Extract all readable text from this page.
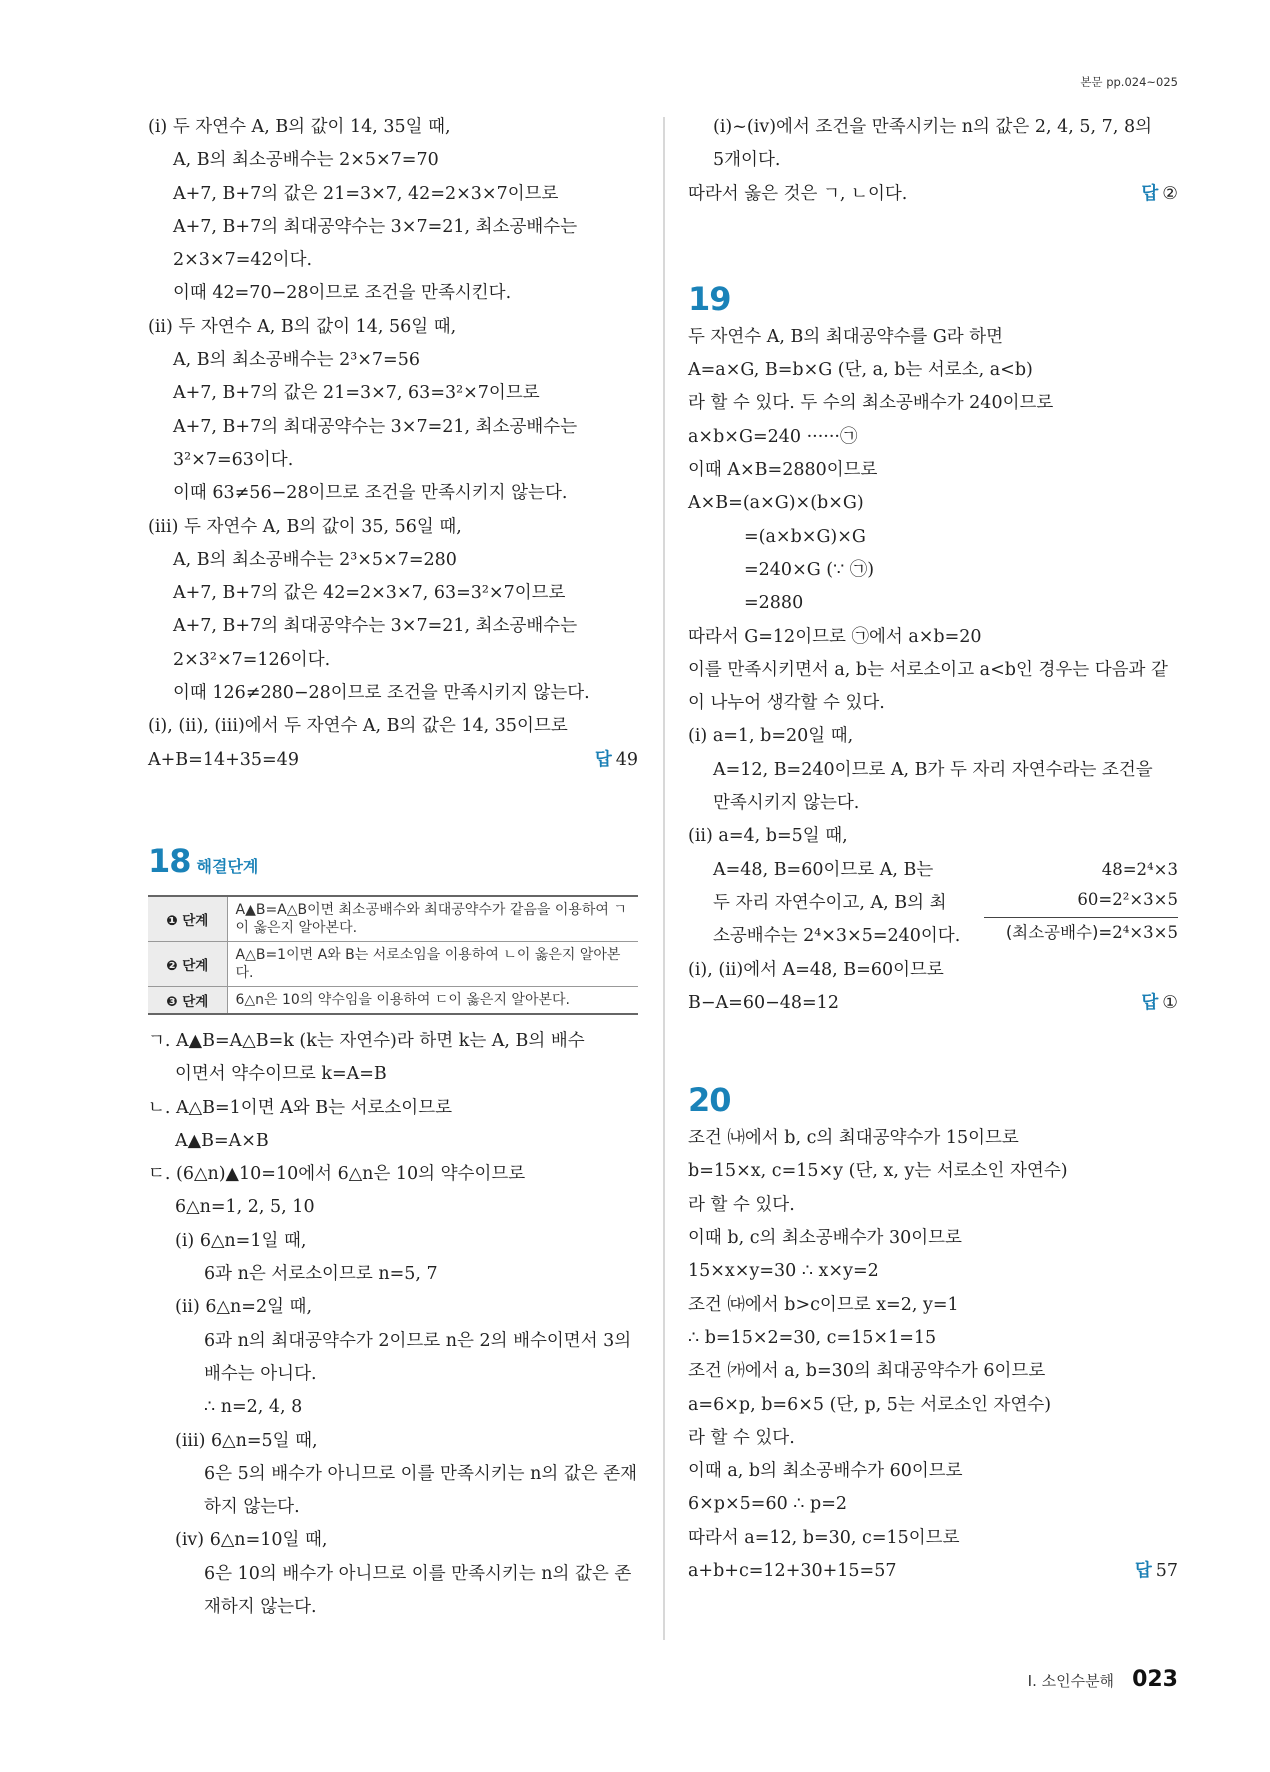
본문 pp.024~025
(i) 두 자연수 A, B의 값이 14, 35일 때,
A, B의 최소공배수는 2×5×7=70
A+7, B+7의 값은 21=3×7, 42=2×3×7이므로
A+7, B+7의 최대공약수는 3×7=21, 최소공배수는
2×3×7=42이다.
이때 42=70−28이므로 조건을 만족시킨다.
(ii) 두 자연수 A, B의 값이 14, 56일 때,
A, B의 최소공배수는 2³×7=56
A+7, B+7의 값은 21=3×7, 63=3²×7이므로
A+7, B+7의 최대공약수는 3×7=21, 최소공배수는
3²×7=63이다.
이때 63≠56−28이므로 조건을 만족시키지 않는다.
(iii) 두 자연수 A, B의 값이 35, 56일 때,
A, B의 최소공배수는 2³×5×7=280
A+7, B+7의 값은 42=2×3×7, 63=3²×7이므로
A+7, B+7의 최대공약수는 3×7=21, 최소공배수는
2×3²×7=126이다.
이때 126≠280−28이므로 조건을 만족시키지 않는다.
(i), (ii), (iii)에서 두 자연수 A, B의 값은 14, 35이므로
A+B=14+35=49	답 49
18 해결단계
❶ 단계	A▲B=A△B이면 최소공배수와 최대공약수가 같음을 이용하여 ㄱ이 옳은지 알아본다.
❷ 단계	A△B=1이면 A와 B는 서로소임을 이용하여 ㄴ이 옳은지 알아본다.
❸ 단계	6△n은 10의 약수임을 이용하여 ㄷ이 옳은지 알아본다.
ㄱ. A▲B=A△B=k (k는 자연수)라 하면 k는 A, B의 배수
이면서 약수이므로 k=A=B
ㄴ. A△B=1이면 A와 B는 서로소이므로
A▲B=A×B
ㄷ. (6△n)▲10=10에서 6△n은 10의 약수이므로
6△n=1, 2, 5, 10
(i) 6△n=1일 때,
6과 n은 서로소이므로 n=5, 7
(ii) 6△n=2일 때,
6과 n의 최대공약수가 2이므로 n은 2의 배수이면서 3의
배수는 아니다.
∴ n=2, 4, 8
(iii) 6△n=5일 때,
6은 5의 배수가 아니므로 이를 만족시키는 n의 값은 존재
하지 않는다.
(iv) 6△n=10일 때,
6은 10의 배수가 아니므로 이를 만족시키는 n의 값은 존
재하지 않는다.
(i)~(iv)에서 조건을 만족시키는 n의 값은 2, 4, 5, 7, 8의
5개이다.
따라서 옳은 것은 ㄱ, ㄴ이다.	답 ②
19
두 자연수 A, B의 최대공약수를 G라 하면
A=a×G, B=b×G (단, a, b는 서로소, a<b)
라 할 수 있다. 두 수의 최소공배수가 240이므로
a×b×G=240 ······㉠
이때 A×B=2880이므로
A×B=(a×G)×(b×G)
=(a×b×G)×G
=240×G (∵ ㉠)
=2880
따라서 G=12이므로 ㉠에서 a×b=20
이를 만족시키면서 a, b는 서로소이고 a<b인 경우는 다음과 같
이 나누어 생각할 수 있다.
(i) a=1, b=20일 때,
A=12, B=240이므로 A, B가 두 자리 자연수라는 조건을
만족시키지 않는다.
(ii) a=4, b=5일 때,
A=48, B=60이므로 A, B는
두 자리 자연수이고, A, B의 최
소공배수는 2⁴×3×5=240이다.
48=2⁴×3
60=2²×3×5
(최소공배수)=2⁴×3×5
(i), (ii)에서 A=48, B=60이므로
B−A=60−48=12	답 ①
20
조건 ㈏에서 b, c의 최대공약수가 15이므로
b=15×x, c=15×y (단, x, y는 서로소인 자연수)
라 할 수 있다.
이때 b, c의 최소공배수가 30이므로
15×x×y=30 ∴ x×y=2
조건 ㈐에서 b>c이므로 x=2, y=1
∴ b=15×2=30, c=15×1=15
조건 ㈎에서 a, b=30의 최대공약수가 6이므로
a=6×p, b=6×5 (단, p, 5는 서로소인 자연수)
라 할 수 있다.
이때 a, b의 최소공배수가 60이므로
6×p×5=60 ∴ p=2
따라서 a=12, b=30, c=15이므로
a+b+c=12+30+15=57	답 57
Ⅰ. 소인수분해 023
